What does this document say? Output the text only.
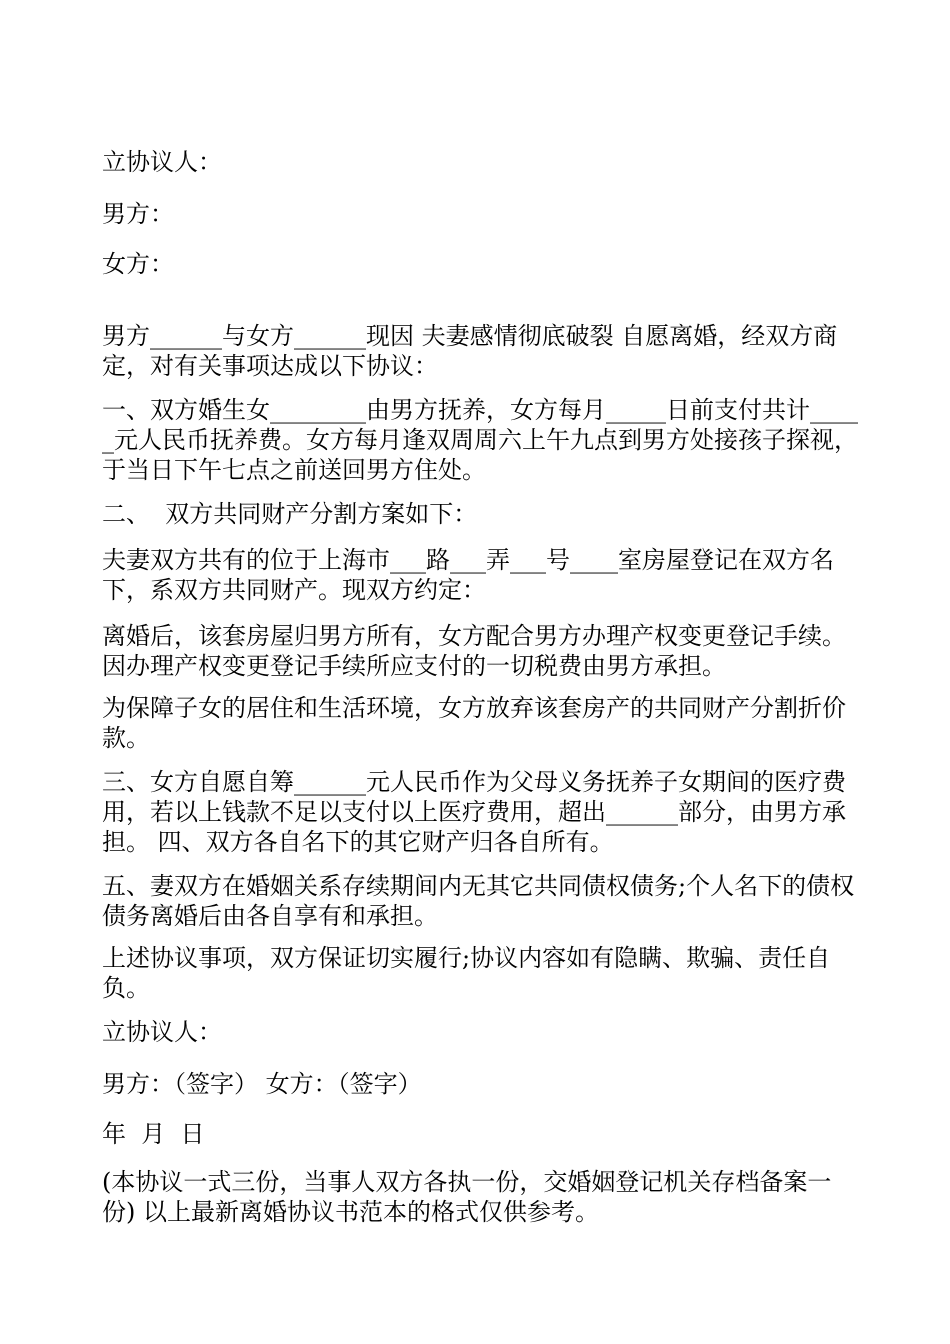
立协议人：

男方：

女方：

男方______与女方______现因 夫妻感情彻底破裂 自愿离婚，经双方商定，对有关事项达成以下协议：

一、双方婚生女________由男方抚养，女方每月_____日前支付共计_____元人民币抚养费。女方每月逢双周周六上午九点到男方处接孩子探视，于当日下午七点之前送回男方住处。

二、  双方共同财产分割方案如下：

夫妻双方共有的位于上海市___路___弄___号____室房屋登记在双方名下，系双方共同财产。现双方约定：

离婚后，该套房屋归男方所有，女方配合男方办理产权变更登记手续。因办理产权变更登记手续所应支付的一切税费由男方承担。

为保障子女的居住和生活环境，女方放弃该套房产的共同财产分割折价款。

三、女方自愿自筹______元人民币作为父母义务抚养子女期间的医疗费用，若以上钱款不足以支付以上医疗费用，超出______部分，由男方承担。 四、双方各自名下的其它财产归各自所有。

五、妻双方在婚姻关系存续期间内无其它共同债权债务;个人名下的债权债务离婚后由各自享有和承担。

上述协议事项，双方保证切实履行;协议内容如有隐瞒、欺骗、责任自负。

立协议人：

男方：（签字） 女方：（签字）

年  月  日

(本协议一式三份，当事人双方各执一份，交婚姻登记机关存档备案一份) 以上最新离婚协议书范本的格式仅供参考。
